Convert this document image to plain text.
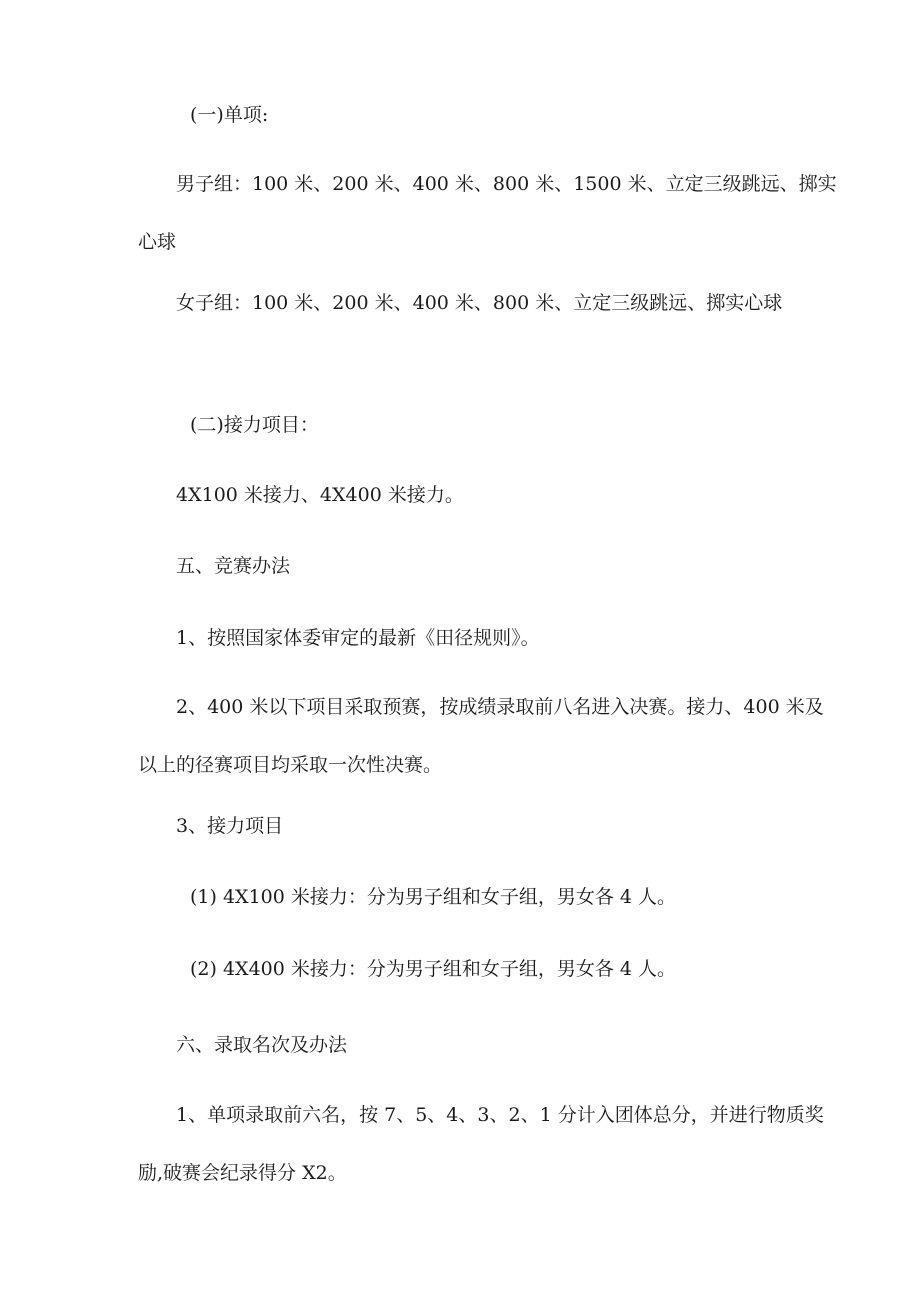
(一)单项:

男子组：100 米、200 米、400 米、800 米、1500 米、立定三级跳远、掷实心球

女子组：100 米、200 米、400 米、800 米、立定三级跳远、掷实心球

(二)接力项目：

4X100 米接力、4X400 米接力。

五、竞赛办法

1、按照国家体委审定的最新《田径规则》。

2、400 米以下项目采取预赛，按成绩录取前八名进入决赛。接力、400 米及以上的径赛项目均采取一次性决赛。

3、接力项目

(1) 4X100 米接力：分为男子组和女子组，男女各 4 人。

(2) 4X400 米接力：分为男子组和女子组，男女各 4 人。

六、录取名次及办法

1、单项录取前六名，按 7、5、4、3、2、1 分计入团体总分，并进行物质奖励,破赛会纪录得分 X2。
